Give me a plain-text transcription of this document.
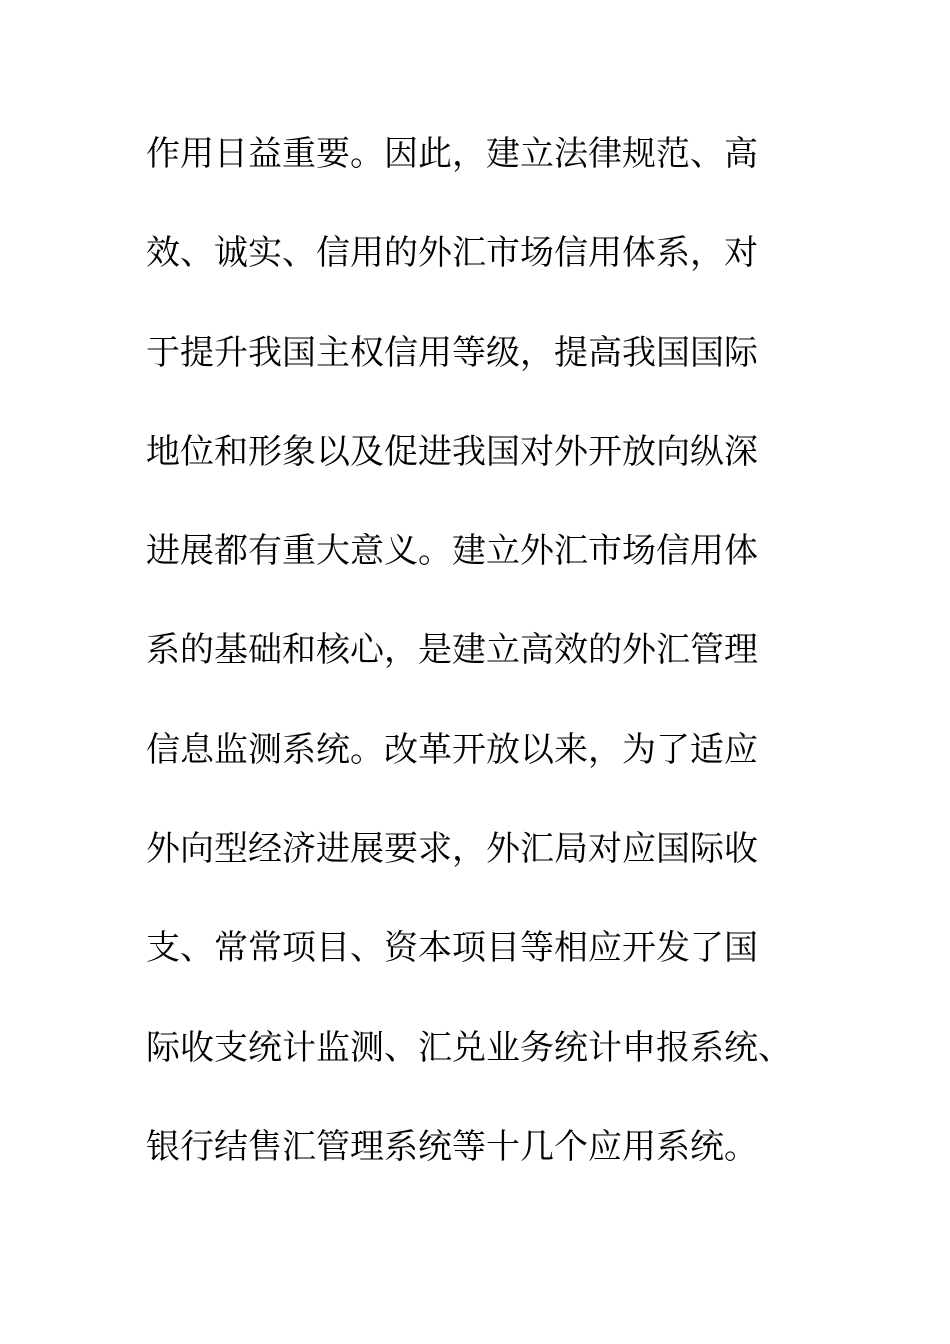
作用日益重要。因此，建立法律规范、高
效、诚实、信用的外汇市场信用体系，对
于提升我国主权信用等级，提高我国国际
地位和形象以及促进我国对外开放向纵深
进展都有重大意义。建立外汇市场信用体
系的基础和核心，是建立高效的外汇管理
信息监测系统。改革开放以来，为了适应
外向型经济进展要求，外汇局对应国际收
支、常常项目、资本项目等相应开发了国
际收支统计监测、汇兑业务统计申报系统、
银行结售汇管理系统等十几个应用系统。
